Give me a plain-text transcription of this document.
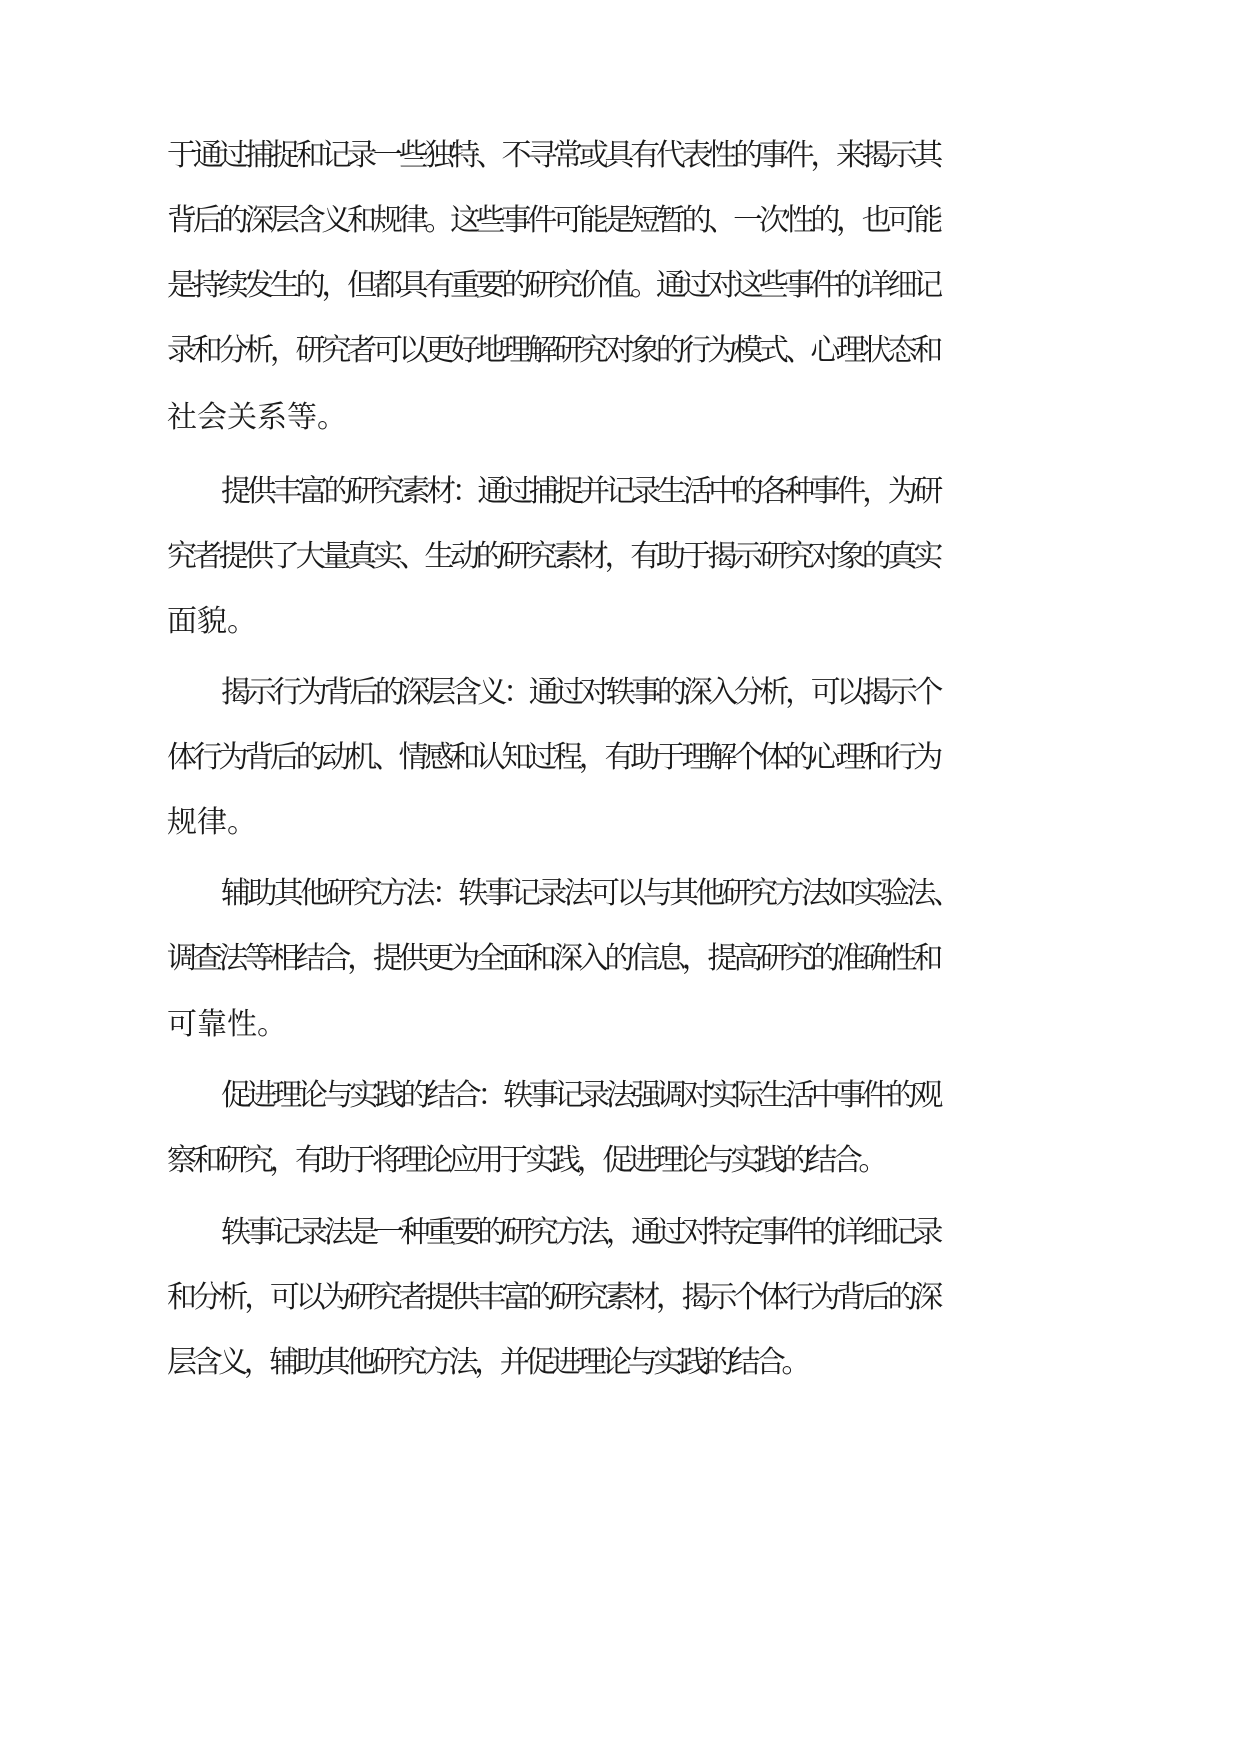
于通过捕捉和记录一些独特、不寻常或具有代表性的事件，来揭示其
背后的深层含义和规律。这些事件可能是短暂的、一次性的，也可能
是持续发生的，但都具有重要的研究价值。通过对这些事件的详细记
录和分析，研究者可以更好地理解研究对象的行为模式、心理状态和
社会关系等。
提供丰富的研究素材：通过捕捉并记录生活中的各种事件，为研
究者提供了大量真实、生动的研究素材，有助于揭示研究对象的真实
面貌。
揭示行为背后的深层含义：通过对轶事的深入分析，可以揭示个
体行为背后的动机、情感和认知过程，有助于理解个体的心理和行为
规律。
辅助其他研究方法：轶事记录法可以与其他研究方法如实验法、
调查法等相结合，提供更为全面和深入的信息，提高研究的准确性和
可靠性。
促进理论与实践的结合：轶事记录法强调对实际生活中事件的观
察和研究，有助于将理论应用于实践，促进理论与实践的结合。
轶事记录法是一种重要的研究方法，通过对特定事件的详细记录
和分析，可以为研究者提供丰富的研究素材，揭示个体行为背后的深
层含义，辅助其他研究方法，并促进理论与实践的结合。
